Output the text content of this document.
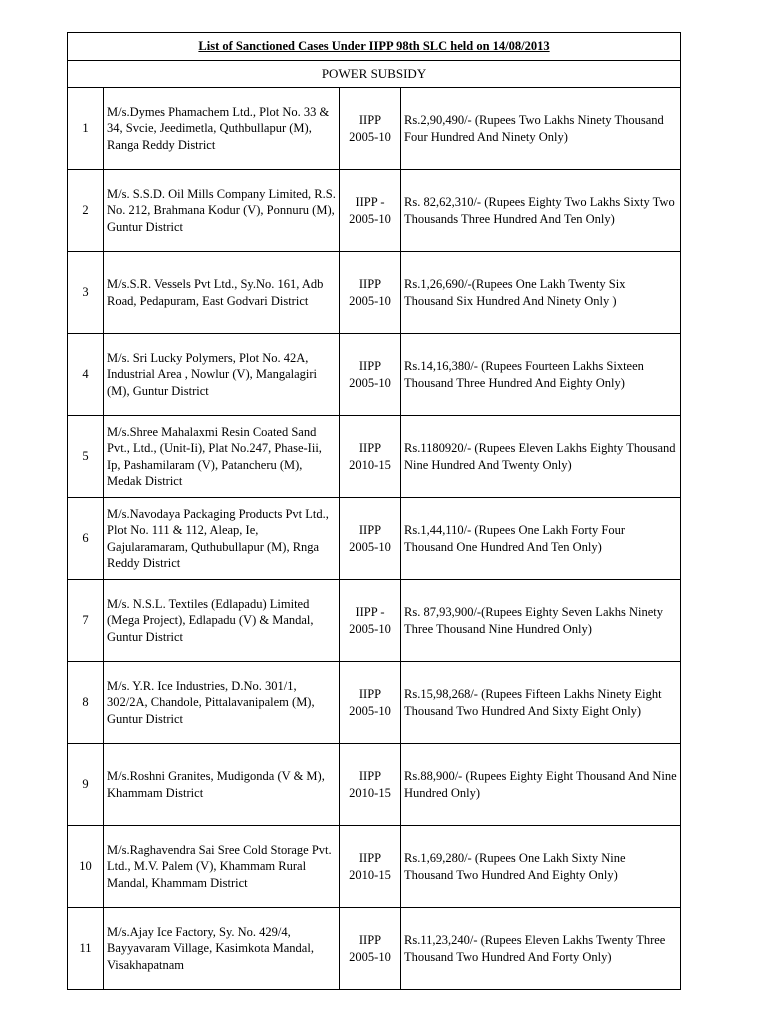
List of Sanctioned Cases Under IIPP 98th SLC held on 14/08/2013			
POWER SUBSIDY			
1	M/s.Dymes Phamachem Ltd., Plot No. 33 & 34, Svcie, Jeedimetla, Quthbullapur (M), Ranga Reddy District	IIPP 2005-10	Rs.2,90,490/- (Rupees Two Lakhs Ninety Thousand Four Hundred And Ninety Only)
2	M/s. S.S.D. Oil Mills Company Limited, R.S. No. 212, Brahmana Kodur (V), Ponnuru (M), Guntur District	IIPP - 2005-10	Rs. 82,62,310/- (Rupees Eighty Two Lakhs Sixty Two Thousands Three Hundred And Ten Only)
3	M/s.S.R. Vessels Pvt Ltd., Sy.No. 161, Adb Road, Pedapuram, East Godvari District	IIPP 2005-10	Rs.1,26,690/-(Rupees One Lakh Twenty Six Thousand Six Hundred And Ninety Only )
4	M/s. Sri Lucky Polymers, Plot No. 42A, Industrial Area , Nowlur (V), Mangalagiri (M), Guntur District	IIPP 2005-10	Rs.14,16,380/- (Rupees Fourteen Lakhs Sixteen Thousand Three Hundred And Eighty Only)
5	M/s.Shree Mahalaxmi Resin Coated Sand Pvt., Ltd., (Unit-Ii), Plat No.247, Phase-Iii, Ip, Pashamilaram (V), Patancheru (M), Medak District	IIPP 2010-15	Rs.1180920/- (Rupees Eleven Lakhs Eighty Thousand Nine Hundred And Twenty Only)
6	M/s.Navodaya Packaging Products Pvt Ltd., Plot No. 111 & 112, Aleap, Ie, Gajularamaram, Quthubullapur (M), Rnga Reddy District	IIPP 2005-10	Rs.1,44,110/- (Rupees One Lakh Forty Four Thousand One Hundred And Ten Only)
7	M/s. N.S.L. Textiles (Edlapadu) Limited (Mega Project), Edlapadu (V) & Mandal, Guntur District	IIPP - 2005-10	Rs. 87,93,900/-(Rupees Eighty Seven Lakhs Ninety Three Thousand Nine Hundred Only)
8	M/s. Y.R. Ice Industries, D.No. 301/1, 302/2A, Chandole, Pittalavanipalem (M), Guntur District	IIPP 2005-10	Rs.15,98,268/- (Rupees Fifteen Lakhs Ninety Eight Thousand Two Hundred And Sixty Eight Only)
9	M/s.Roshni Granites, Mudigonda (V & M), Khammam District	IIPP 2010-15	Rs.88,900/- (Rupees Eighty Eight Thousand And Nine Hundred Only)
10	M/s.Raghavendra Sai Sree Cold Storage Pvt. Ltd., M.V. Palem (V), Khammam Rural Mandal, Khammam District	IIPP 2010-15	Rs.1,69,280/- (Rupees One Lakh Sixty Nine Thousand Two Hundred And Eighty Only)
11	M/s.Ajay Ice Factory, Sy. No. 429/4, Bayyavaram Village, Kasimkota Mandal, Visakhapatnam	IIPP 2005-10	Rs.11,23,240/- (Rupees Eleven Lakhs Twenty Three Thousand Two Hundred And Forty Only)
